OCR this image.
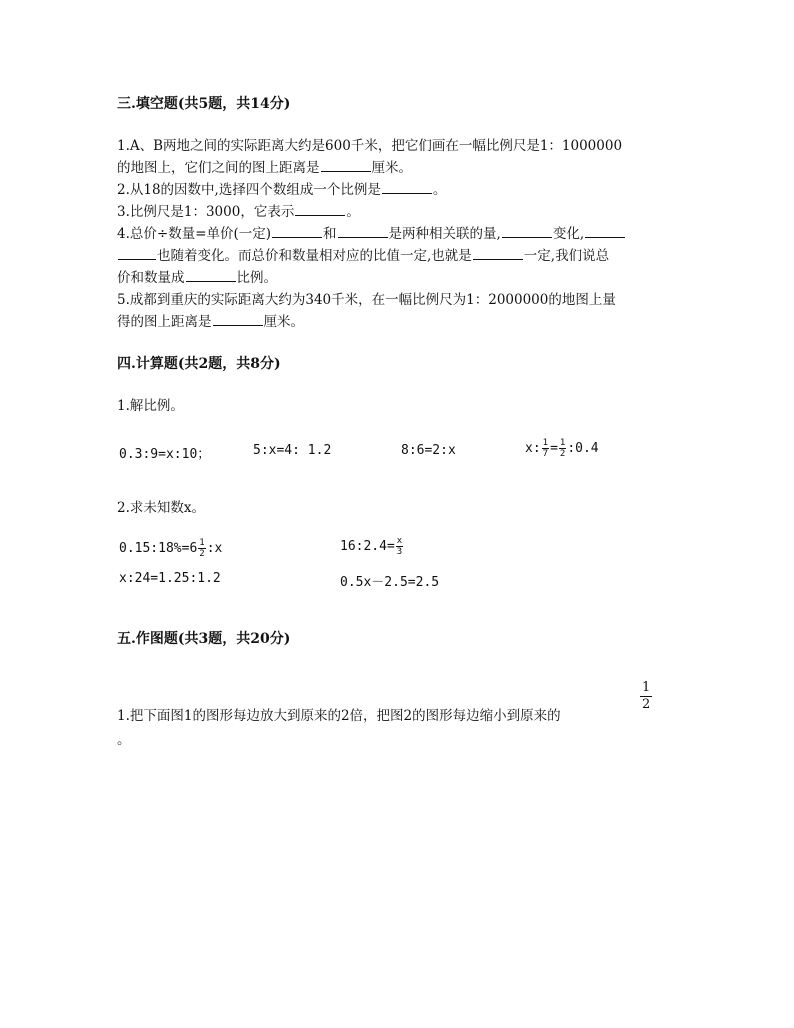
三.填空题(共5题，共14分)
1.A、B两地之间的实际距离大约是600千米，把它们画在一幅比例尺是1：1000000
的地图上，它们之间的图上距离是	厘米。
2.从18的因数中,选择四个数组成一个比例是	。
3.比例尺是1：3000，它表示	。
4.总价÷数量=单价(一定)	和	是两种相关联的量,	变化,
也随着变化。而总价和数量相对应的比值一定,也就是	一定,我们说总
价和数量成	比例。
5.成都到重庆的实际距离大约为340千米，在一幅比例尺为1：2000000的地图上量
得的图上距离是	厘米。
四.计算题(共2题，共8分)
1.解比例。
0.3:9=x:10；	5:x=4: 1.2	8:6=2:x	x: $\frac{1}{7} = \frac{1}{2}$ :0.4
2.求未知数x。
0.15:18%=6 $\frac{1}{2}$ :x	16:2.4= $\frac{x}{3}$
x:24=1.25:1.2	0.5x－2.5=2.5
五.作图题(共3题，共20分)
1
2
1.把下面图1的图形每边放大到原来的2倍，把图2的图形每边缩小到原来的
。
